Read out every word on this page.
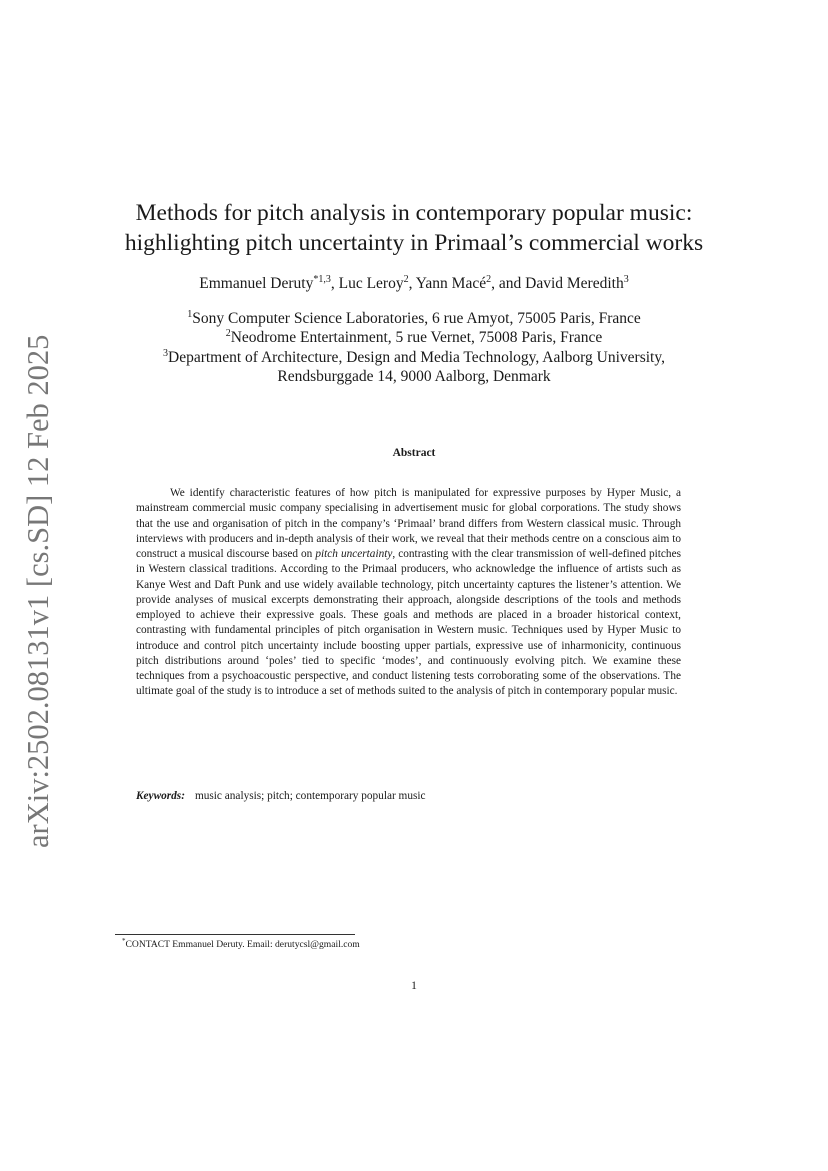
arXiv:2502.08131v1 [cs.SD] 12 Feb 2025
Methods for pitch analysis in contemporary popular music:
highlighting pitch uncertainty in Primaal’s commercial works
Emmanuel Deruty$^{*1,3}$, Luc Leroy$^2$, Yann Macé$^2$, and David Meredith$^3$
$^1$Sony Computer Science Laboratories, 6 rue Amyot, 75005 Paris, France
$^2$Neodrome Entertainment, 5 rue Vernet, 75008 Paris, France
$^3$Department of Architecture, Design and Media Technology, Aalborg University,
Rendsburggade 14, 9000 Aalborg, Denmark
Abstract

We identify characteristic features of how pitch is manipulated for expressive purposes by Hyper Music, a mainstream commercial music company specialising in advertisement music for global corporations. The study shows that the use and organisation of pitch in the company’s ‘Primaal’ brand differs from Western classical music. Through interviews with producers and in-depth analysis of their work, we reveal that their methods centre on a conscious aim to construct a musical discourse based on pitch uncertainty, contrasting with the clear transmission of well-defined pitches in Western classical traditions. According to the Primaal producers, who acknowledge the influence of artists such as Kanye West and Daft Punk and use widely available technology, pitch uncertainty captures the listener’s attention. We provide analyses of musical excerpts demonstrating their approach, alongside descriptions of the tools and methods employed to achieve their expressive goals. These goals and methods are placed in a broader historical context, contrasting with fundamental principles of pitch organisation in Western music. Techniques used by Hyper Music to introduce and control pitch uncertainty include boosting upper partials, expressive use of inharmonicity, continuous pitch distributions around ‘poles’ tied to specific ‘modes’, and continuously evolving pitch. We examine these techniques from a psychoacoustic perspective, and conduct listening tests corroborating some of the observations. The ultimate goal of the study is to introduce a set of methods suited to the analysis of pitch in contemporary popular music.

Keywords: music analysis; pitch; contemporary popular music
*CONTACT Emmanuel Deruty. Email: derutycsl@gmail.com
1
